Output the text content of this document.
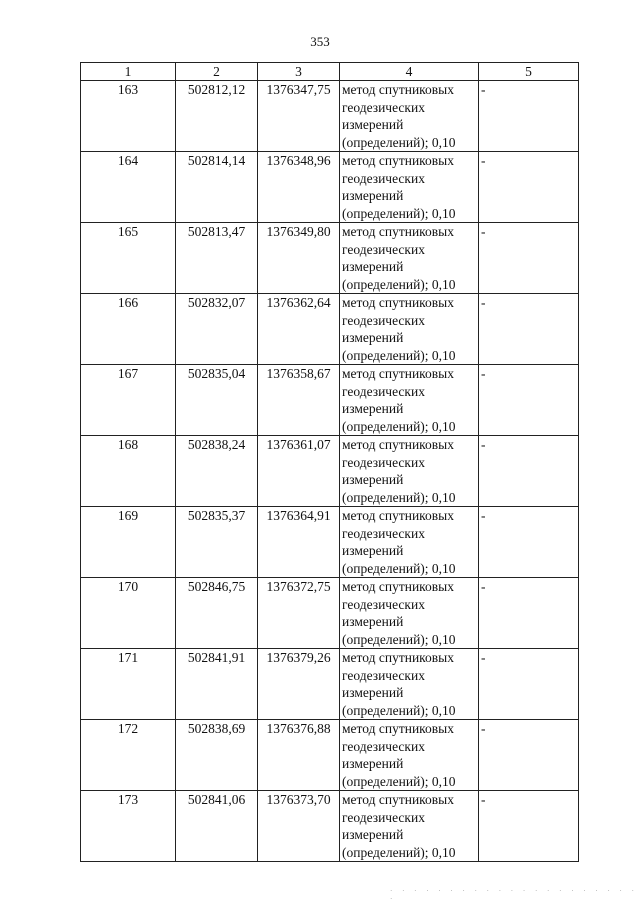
353
1	2	3	4	5
163	502812,12	1376347,75	метод спутниковых
геодезических
измерений
(определений); 0,10	-
164	502814,14	1376348,96	метод спутниковых
геодезических
измерений
(определений); 0,10	-
165	502813,47	1376349,80	метод спутниковых
геодезических
измерений
(определений); 0,10	-
166	502832,07	1376362,64	метод спутниковых
геодезических
измерений
(определений); 0,10	-
167	502835,04	1376358,67	метод спутниковых
геодезических
измерений
(определений); 0,10	-
168	502838,24	1376361,07	метод спутниковых
геодезических
измерений
(определений); 0,10	-
169	502835,37	1376364,91	метод спутниковых
геодезических
измерений
(определений); 0,10	-
170	502846,75	1376372,75	метод спутниковых
геодезических
измерений
(определений); 0,10	-
171	502841,91	1376379,26	метод спутниковых
геодезических
измерений
(определений); 0,10	-
172	502838,69	1376376,88	метод спутниковых
геодезических
измерений
(определений); 0,10	-
173	502841,06	1376373,70	метод спутниковых
геодезических
измерений
(определений); 0,10	-
· · · · · · · · · · · · · · · · · · · · · ·
